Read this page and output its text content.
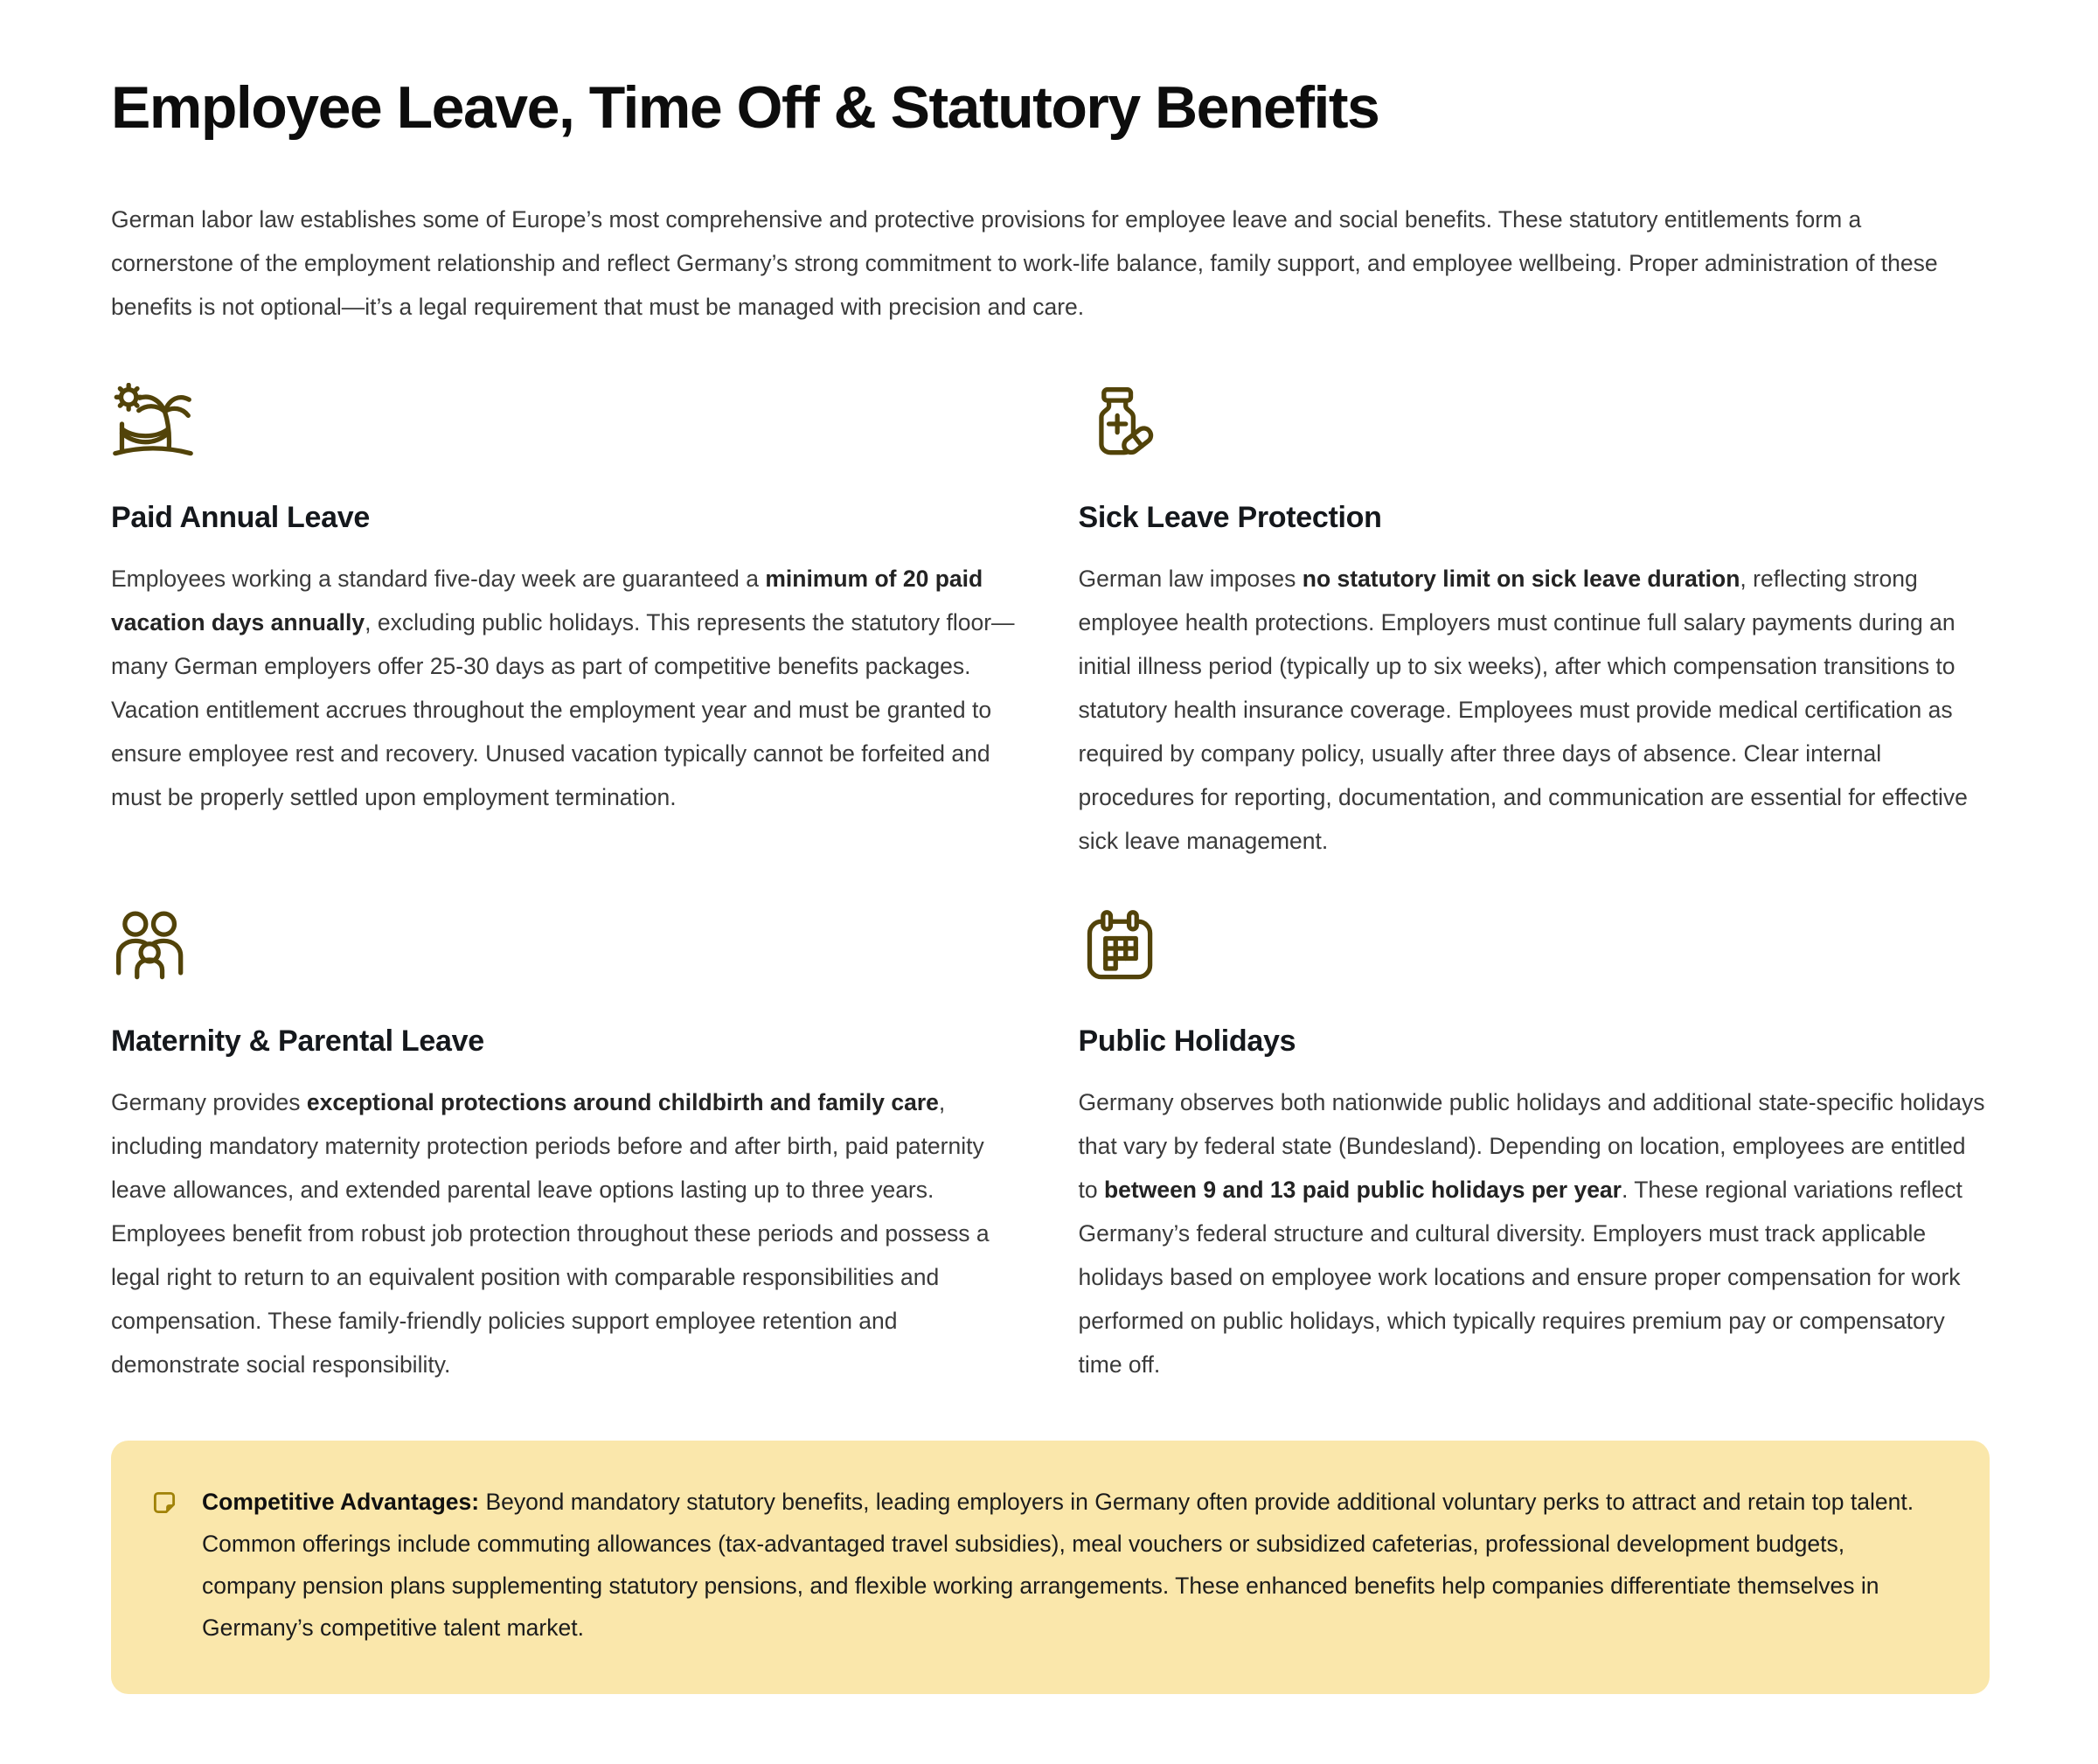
Employee Leave, Time Off & Statutory Benefits

German labor law establishes some of Europe’s most comprehensive and protective provisions for employee leave and social benefits. These statutory entitlements form a cornerstone of the employment relationship and reflect Germany’s strong commitment to work-life balance, family support, and employee wellbeing. Proper administration of these benefits is not optional—it’s a legal requirement that must be managed with precision and care.

Paid Annual Leave

Employees working a standard five-day week are guaranteed a minimum of 20 paid vacation days annually, excluding public holidays. This represents the statutory floor—many German employers offer 25-30 days as part of competitive benefits packages. Vacation entitlement accrues throughout the employment year and must be granted to ensure employee rest and recovery. Unused vacation typically cannot be forfeited and must be properly settled upon employment termination.

Sick Leave Protection

German law imposes no statutory limit on sick leave duration, reflecting strong employee health protections. Employers must continue full salary payments during an initial illness period (typically up to six weeks), after which compensation transitions to statutory health insurance coverage. Employees must provide medical certification as required by company policy, usually after three days of absence. Clear internal procedures for reporting, documentation, and communication are essential for effective sick leave management.

Maternity & Parental Leave

Germany provides exceptional protections around childbirth and family care, including mandatory maternity protection periods before and after birth, paid paternity leave allowances, and extended parental leave options lasting up to three years. Employees benefit from robust job protection throughout these periods and possess a legal right to return to an equivalent position with comparable responsibilities and compensation. These family-friendly policies support employee retention and demonstrate social responsibility.

Public Holidays

Germany observes both nationwide public holidays and additional state-specific holidays that vary by federal state (Bundesland). Depending on location, employees are entitled to between 9 and 13 paid public holidays per year. These regional variations reflect Germany’s federal structure and cultural diversity. Employers must track applicable holidays based on employee work locations and ensure proper compensation for work performed on public holidays, which typically requires premium pay or compensatory time off.

Competitive Advantages: Beyond mandatory statutory benefits, leading employers in Germany often provide additional voluntary perks to attract and retain top talent. Common offerings include commuting allowances (tax-advantaged travel subsidies), meal vouchers or subsidized cafeterias, professional development budgets, company pension plans supplementing statutory pensions, and flexible working arrangements. These enhanced benefits help companies differentiate themselves in Germany’s competitive talent market.
